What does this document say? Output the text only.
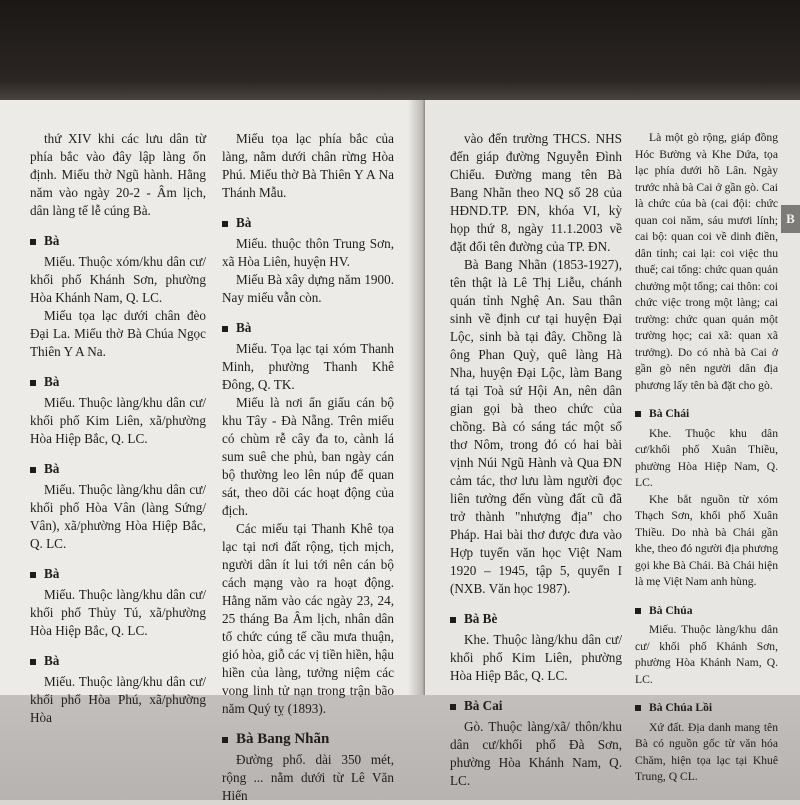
thứ XIV khi các lưu dân từ phía bắc vào đây lập làng ổn định. Miếu thờ Ngũ hành. Hằng năm vào ngày 20-2 - Âm lịch, dân làng tế lễ cúng Bà.

Bà

Miếu. Thuộc xóm/khu dân cư/ khối phố Khánh Sơn, phường Hòa Khánh Nam, Q. LC.

Miếu tọa lạc dưới chân đèo Đại La. Miếu thờ Bà Chúa Ngọc Thiên Y A Na.

Bà

Miếu. Thuộc làng/khu dân cư/ khối phố Kim Liên, xã/phường Hòa Hiệp Bắc, Q. LC.

Bà

Miếu. Thuộc làng/khu dân cư/ khối phố Hòa Vân (làng Sứng/ Vân), xã/phường Hòa Hiệp Bắc, Q. LC.

Bà

Miếu. Thuộc làng/khu dân cư/ khối phố Thủy Tú, xã/phường Hòa Hiệp Bắc, Q. LC.

Bà

Miếu. Thuộc làng/khu dân cư/ khối phố Hòa Phú, xã/phường Hòa

Miếu tọa lạc phía bắc của làng, nằm dưới chân rừng Hòa Phú. Miếu thờ Bà Thiên Y A Na Thánh Mẫu.

Bà

Miếu. thuộc thôn Trung Sơn, xã Hòa Liên, huyện HV.

Miếu Bà xây dựng năm 1900. Nay miếu vẫn còn.

Bà

Miếu. Tọa lạc tại xóm Thanh Minh, phường Thanh Khê Đông, Q. TK.

Miếu là nơi ẩn giấu cán bộ khu Tây - Đà Nẵng. Trên miếu có chùm rễ cây đa to, cành lá sum suê che phủ, ban ngày cán bộ thường leo lên núp để quan sát, theo dõi các hoạt động của địch.

Các miếu tại Thanh Khê tọa lạc tại nơi đất rộng, tịch mịch, người dân ít lui tới nên cán bộ cách mạng vào ra hoạt động. Hằng năm vào các ngày 23, 24, 25 tháng Ba Âm lịch, nhân dân tổ chức cúng tế cầu mưa thuận, gió hòa, giỗ các vị tiền hiền, hậu hiền của làng, tưởng niệm các vong linh tử nạn trong trận bão năm Quý tỵ (1893).

Bà Bang Nhãn

Đường phố. dài 350 mét, rộng ... nằm dưới từ Lê Văn Hiến

vào đến trường THCS. NHS đến giáp đường Nguyễn Đình Chiểu. Đường mang tên Bà Bang Nhãn theo NQ số 28 của HĐND.TP. ĐN, khóa VI, kỳ họp thứ 8, ngày 11.1.2003 về đặt đổi tên đường của TP. ĐN.

Bà Bang Nhãn (1853-1927), tên thật là Lê Thị Liễu, chánh quán tỉnh Nghệ An. Sau thân sinh về định cư tại huyện Đại Lộc, sinh bà tại đây. Chồng là ông Phan Quỳ, quê làng Hà Nha, huyện Đại Lộc, làm Bang tá tại Toà sứ Hội An, nên dân gian gọi bà theo chức của chồng. Bà có sáng tác một số thơ Nôm, trong đó có hai bài vịnh Núi Ngũ Hành và Qua ĐN cảm tác, thơ lưu làm người đọc liên tưởng đến vùng đất cũ đã trở thành "nhượng địa" cho Pháp. Hai bài thơ được đưa vào Hợp tuyển văn học Việt Nam 1920 – 1945, tập 5, quyển I (NXB. Văn học 1987).

Bà Bè

Khe. Thuộc làng/khu dân cư/ khối phố Kim Liên, phường Hòa Hiệp Bắc, Q. LC.

Bà Cai

Gò. Thuộc làng/xã/ thôn/khu dân cư/khối phố Đà Sơn, phường Hòa Khánh Nam, Q. LC.

Là một gò rộng, giáp đồng Hóc Bường và Khe Dứa, tọa lạc phía dưới hồ Lân. Ngày trước nhà bà Cai ở gần gò. Cai là chức của bà (cai đội: chức quan coi năm, sáu mươi lính; cai bộ: quan coi về dinh điền, dân tỉnh; cai lại: coi việc thu thuế; cai tổng: chức quan quản chưởng một tổng; cai thôn: coi chức việc trong một làng; cai trường: chức quan quản một trường học; cai xã: quan xã trưởng). Do có nhà bà Cai ở gần gò nên người dân địa phương lấy tên bà đặt cho gò.

Bà Chái

Khe. Thuộc khu dân cư/khối phố Xuân Thiều, phường Hòa Hiệp Nam, Q. LC.

Khe bắt nguồn từ xóm Thạch Sơn, khối phố Xuân Thiều. Do nhà bà Chái gần khe, theo đó người địa phương gọi khe Bà Chái. Bà Chái hiện là mẹ Việt Nam anh hùng.

Bà Chúa

Miếu. Thuộc làng/khu dân cư/ khối phố Khánh Sơn, phường Hòa Khánh Nam, Q. LC.

Bà Chúa Lồi

Xứ đất. Địa danh mang tên Bà có nguồn gốc từ văn hóa Chăm, hiện tọa lạc tại Khuê Trung, Q CL.

B
